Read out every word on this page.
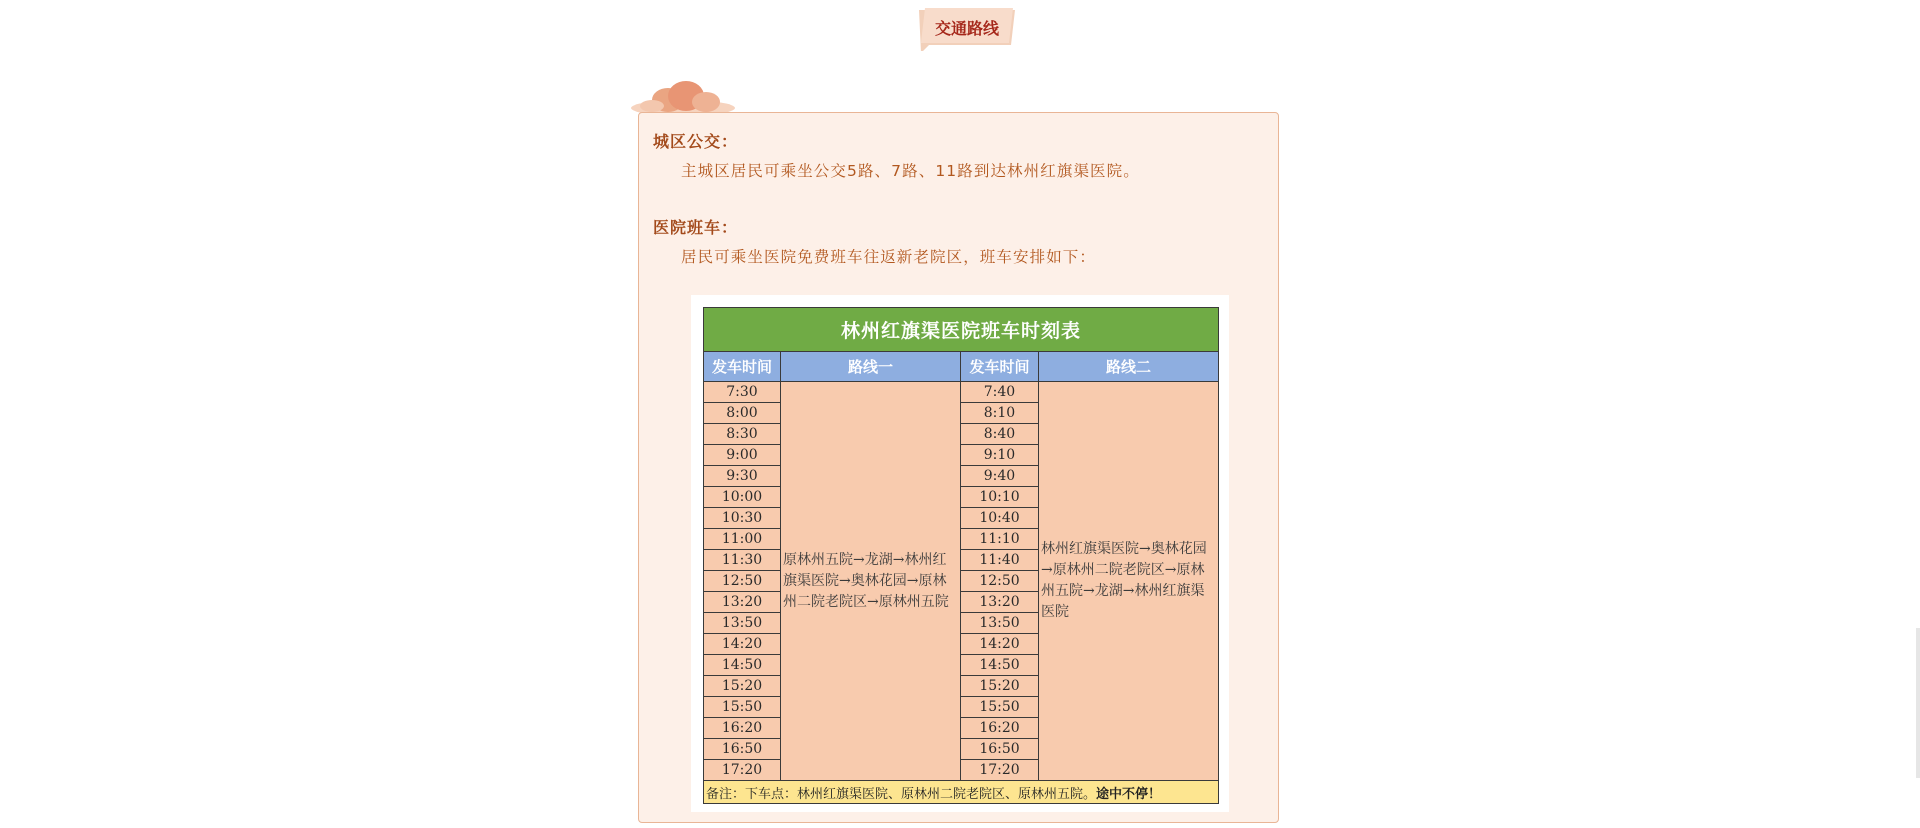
交通路线
城区公交：
主城区居民可乘坐公交5路、7路、11路到达林州红旗渠医院。
医院班车：
居民可乘坐医院免费班车往返新老院区，班车安排如下：
林州红旗渠医院班车时刻表			
发车时间	路线一	发车时间	路线二
7:30	原林州五院→龙湖→林州红旗渠医院→奥林花园→原林州二院老院区→原林州五院	7:40	林州红旗渠医院→奥林花园→原林州二院老院区→原林州五院→龙湖→林州红旗渠医院
8:00		8:10	
8:30		8:40	
9:00		9:10	
9:30		9:40	
10:00		10:10	
10:30		10:40	
11:00		11:10	
11:30		11:40	
12:50		12:50	
13:20		13:20	
13:50		13:50	
14:20		14:20	
14:50		14:50	
15:20		15:20	
15:50		15:50	
16:20		16:20	
16:50		16:50	
17:20		17:20	
备注：下车点：林州红旗渠医院、原林州二院老院区、原林州五院。途中不停！			
